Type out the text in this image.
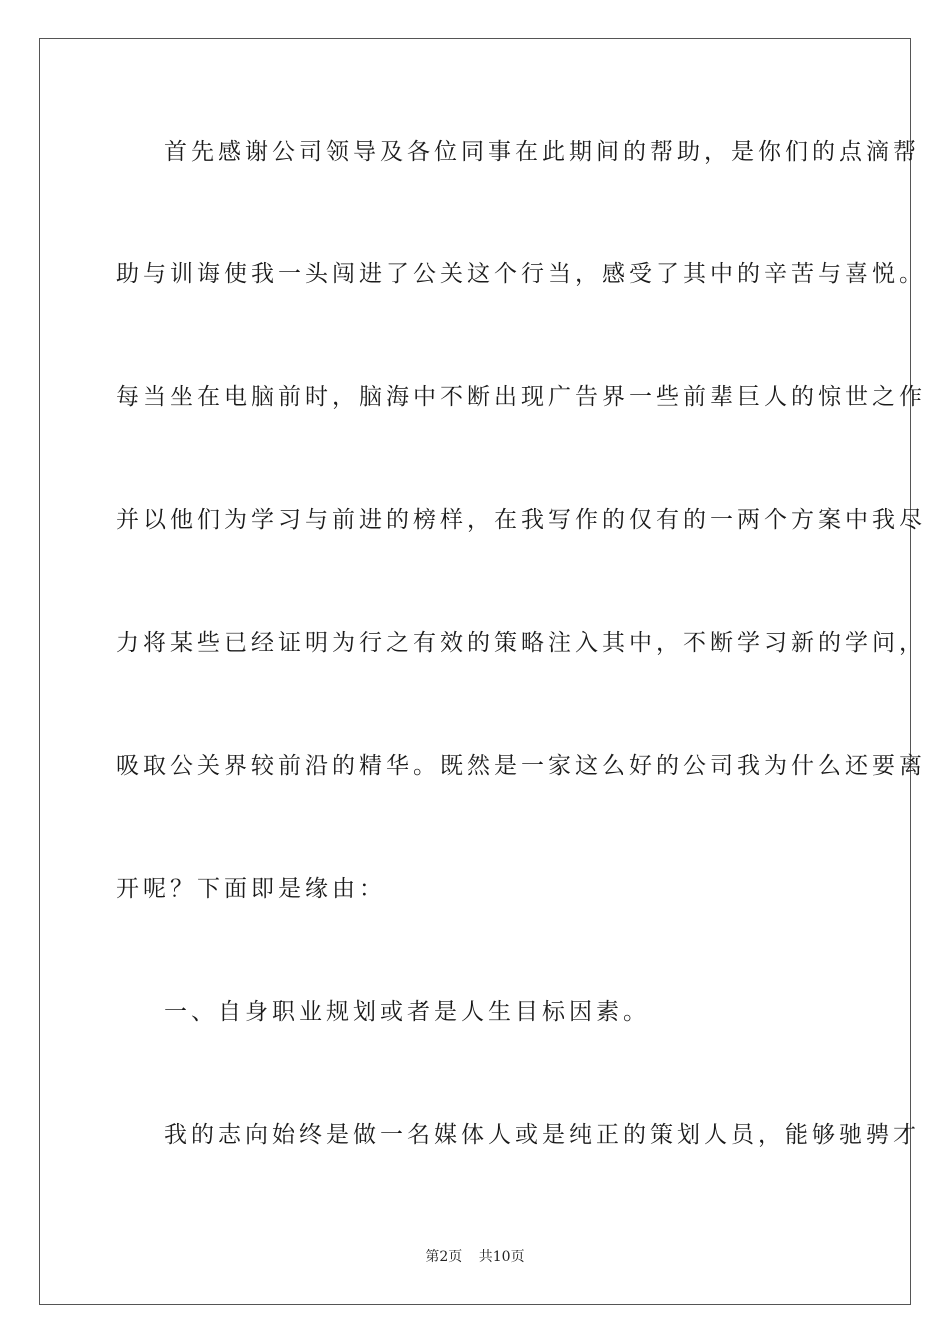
首先感谢公司领导及各位同事在此期间的帮助，是你们的点滴帮
助与训诲使我一头闯进了公关这个行当，感受了其中的辛苦与喜悦。
每当坐在电脑前时，脑海中不断出现广告界一些前辈巨人的惊世之作
并以他们为学习与前进的榜样，在我写作的仅有的一两个方案中我尽
力将某些已经证明为行之有效的策略注入其中，不断学习新的学问，
吸取公关界较前沿的精华。既然是一家这么好的公司我为什么还要离
开呢？下面即是缘由：
一、自身职业规划或者是人生目标因素。
我的志向始终是做一名媒体人或是纯正的策划人员，能够驰骋才
第2页 共10页
